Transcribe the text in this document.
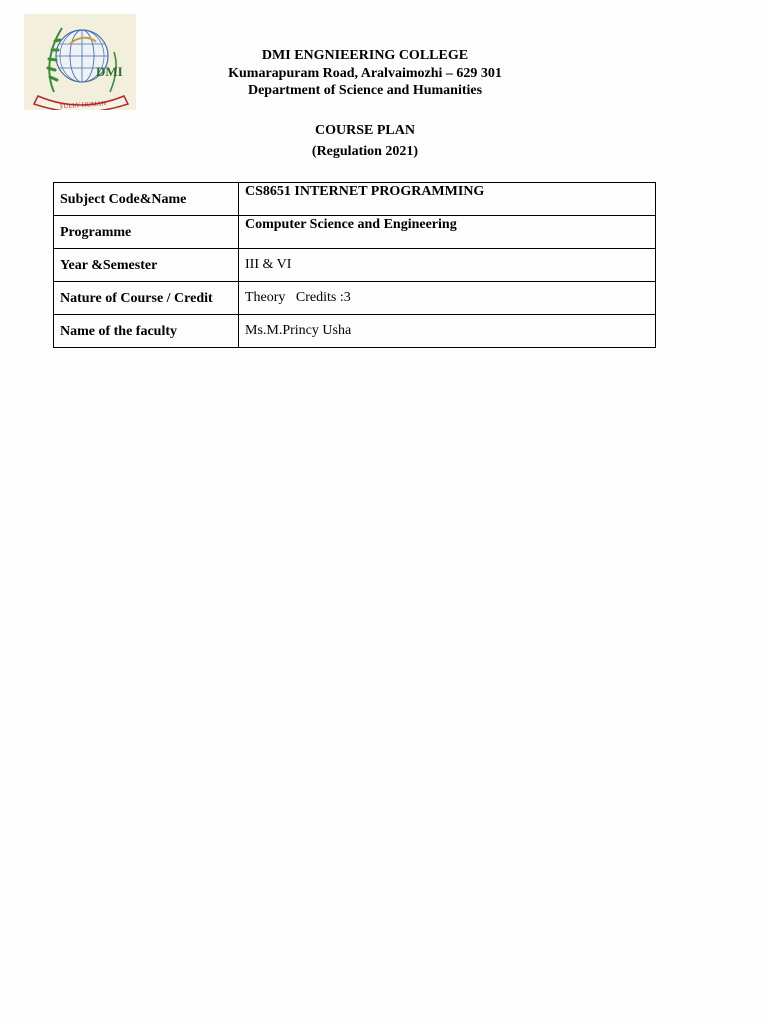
DMI
FULLY HUMAN
DMI ENGNIEERING COLLEGE
Kumarapuram Road, Aralvaimozhi – 629 301
Department of Science and Humanities
COURSE PLAN
(Regulation 2021)
Subject Code&Name	CS8651 INTERNET PROGRAMMING
Programme	Computer Science and Engineering
Year &Semester	III & VI
Nature of Course / Credit	Theory   Credits :3
Name of the faculty	Ms.M.Princy Usha
